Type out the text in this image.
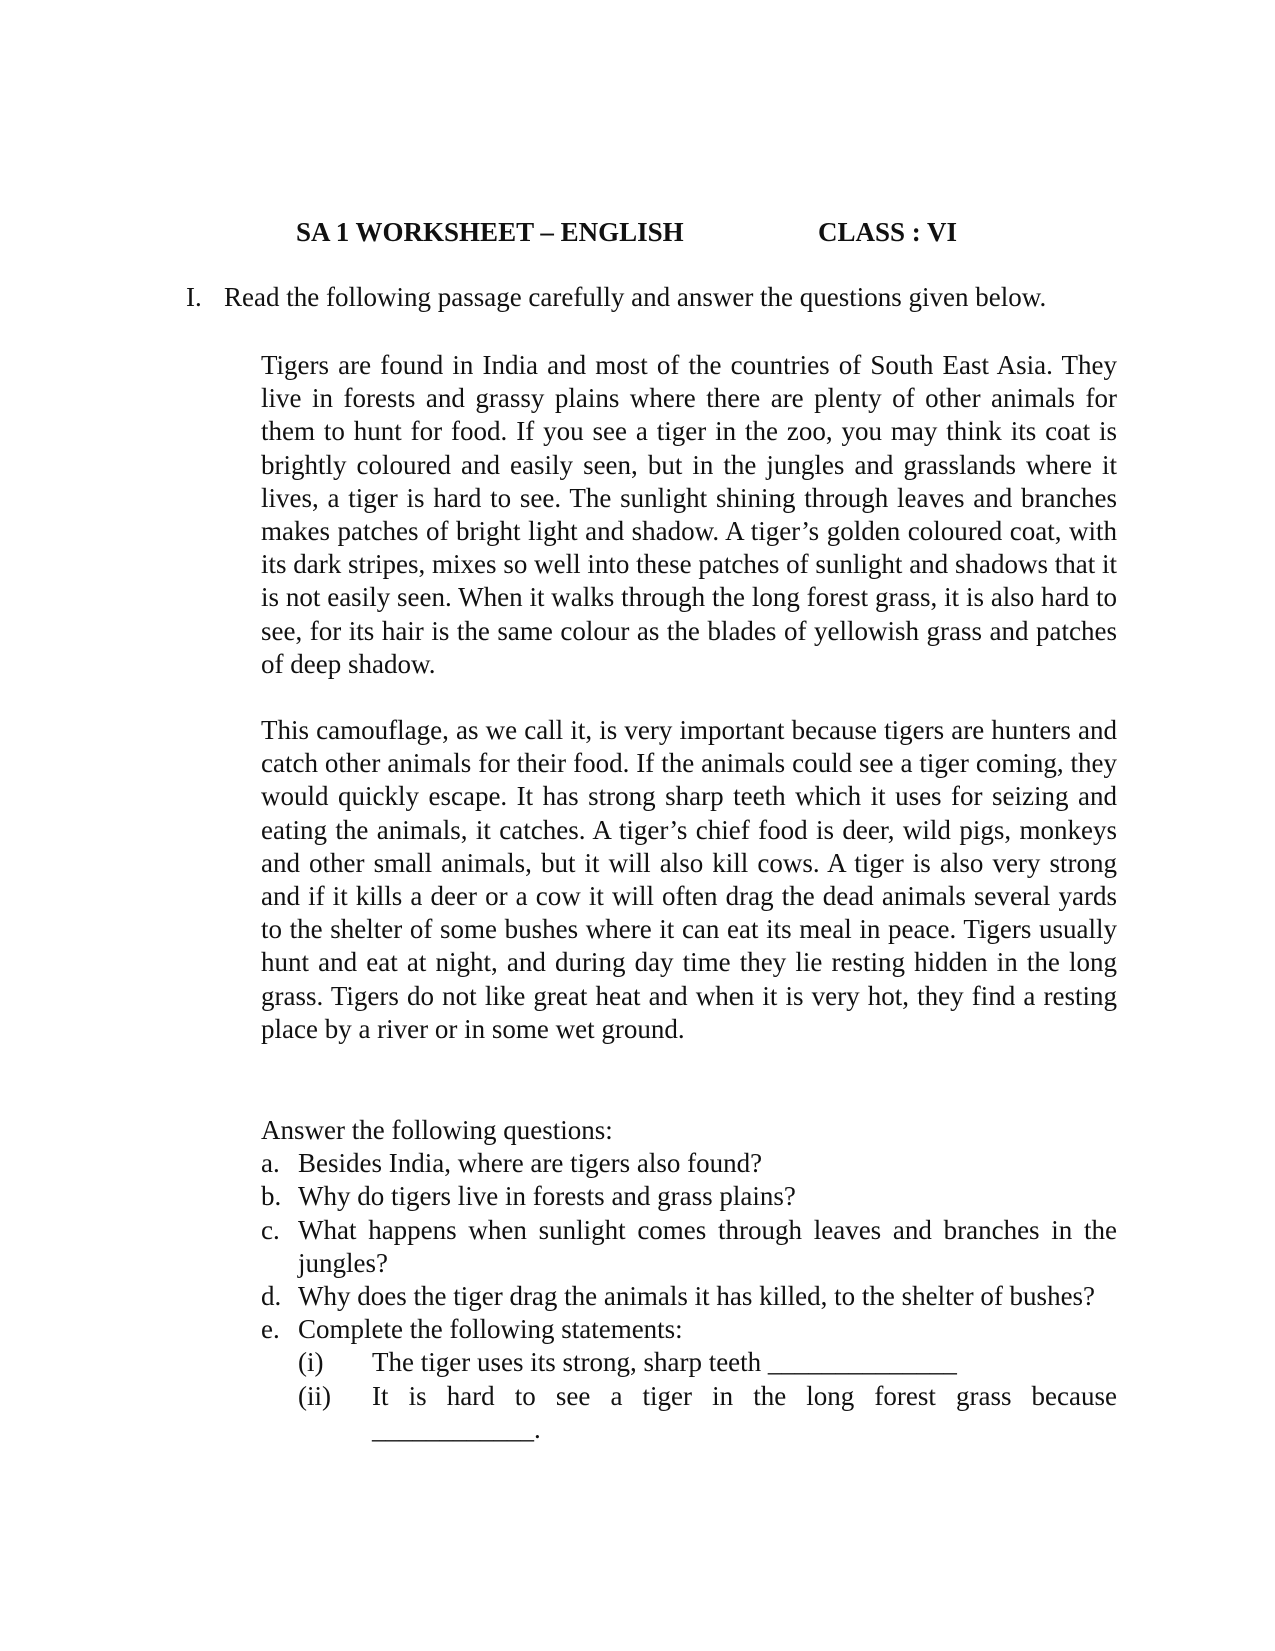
SA 1 WORKSHEET – ENGLISH	CLASS : VI
I. Read the following passage carefully and answer the questions given below.

Tigers are found in India and most of the countries of South East Asia. They live in forests and grassy plains where there are plenty of other animals for them to hunt for food. If you see a tiger in the zoo, you may think its coat is brightly coloured and easily seen, but in the jungles and grasslands where it lives, a tiger is hard to see. The sunlight shining through leaves and branches makes patches of bright light and shadow. A tiger’s golden coloured coat, with its dark stripes, mixes so well into these patches of sunlight and shadows that it is not easily seen. When it walks through the long forest grass, it is also hard to see, for its hair is the same colour as the blades of yellowish grass and patches of deep shadow.

This camouflage, as we call it, is very important because tigers are hunters and catch other animals for their food. If the animals could see a tiger coming, they would quickly escape. It has strong sharp teeth which it uses for seizing and eating the animals, it catches. A tiger’s chief food is deer, wild pigs, monkeys and other small animals, but it will also kill cows. A tiger is also very strong and if it kills a deer or a cow it will often drag the dead animals several yards to the shelter of some bushes where it can eat its meal in peace. Tigers usually hunt and eat at night, and during day time they lie resting hidden in the long grass. Tigers do not like great heat and when it is very hot, they find a resting place by a river or in some wet ground.

Answer the following questions:

a. Besides India, where are tigers also found?
b. Why do tigers live in forests and grass plains?
c. What happens when sunlight comes through leaves and branches in the jungles?
d. Why does the tiger drag the animals it has killed, to the shelter of bushes?
e. Complete the following statements:
(i)	The tiger uses its strong, sharp teeth ______________
(ii)	It is hard to see a tiger in the long forest grass because
____________.
